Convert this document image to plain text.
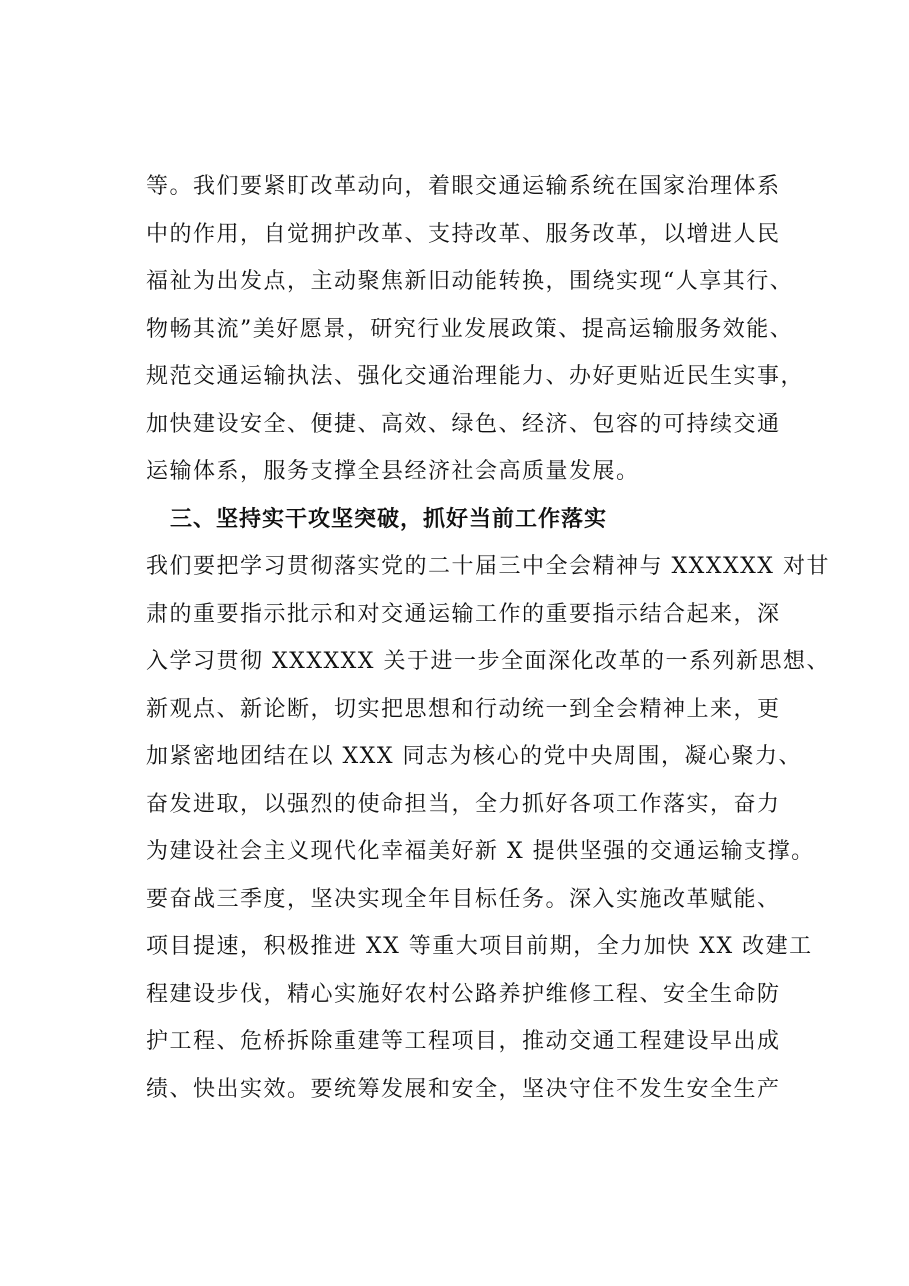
等。我们要紧盯改革动向，着眼交通运输系统在国家治理体系
中的作用，自觉拥护改革、支持改革、服务改革，以增进人民
福祉为出发点，主动聚焦新旧动能转换，围绕实现“人享其行、
物畅其流”美好愿景，研究行业发展政策、提高运输服务效能、
规范交通运输执法、强化交通治理能力、办好更贴近民生实事，
加快建设安全、便捷、高效、绿色、经济、包容的可持续交通
运输体系，服务支撑全县经济社会高质量发展。
三、坚持实干攻坚突破，抓好当前工作落实
我们要把学习贯彻落实党的二十届三中全会精神与 XXXXXX 对甘
肃的重要指示批示和对交通运输工作的重要指示结合起来，深
入学习贯彻 XXXXXX 关于进一步全面深化改革的一系列新思想、
新观点、新论断，切实把思想和行动统一到全会精神上来，更
加紧密地团结在以 XXX 同志为核心的党中央周围，凝心聚力、
奋发进取，以强烈的使命担当，全力抓好各项工作落实，奋力
为建设社会主义现代化幸福美好新 X 提供坚强的交通运输支撑。
要奋战三季度，坚决实现全年目标任务。深入实施改革赋能、
项目提速，积极推进 XX 等重大项目前期，全力加快 XX 改建工
程建设步伐，精心实施好农村公路养护维修工程、安全生命防
护工程、危桥拆除重建等工程项目，推动交通工程建设早出成
绩、快出实效。要统筹发展和安全，坚决守住不发生安全生产
